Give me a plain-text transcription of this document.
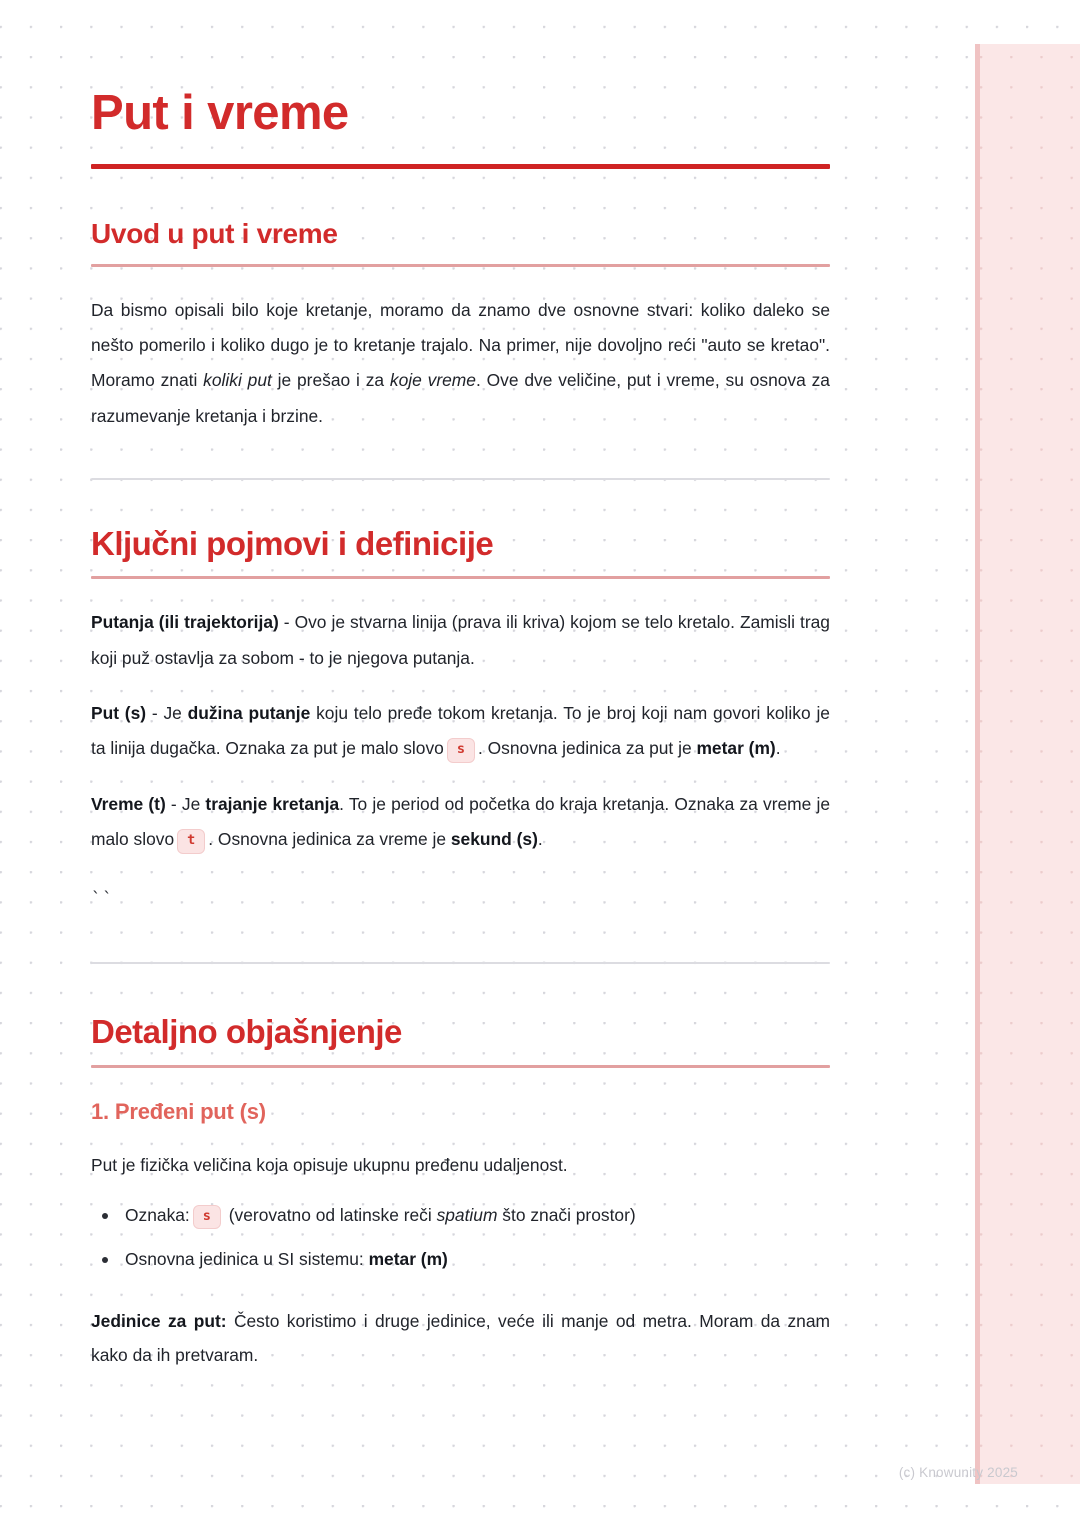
Put i vreme
Uvod u put i vreme

Da bismo opisali bilo koje kretanje, moramo da znamo dve osnovne stvari: koliko daleko se nešto pomerilo i koliko dugo je to kretanje trajalo. Na primer, nije dovoljno reći "auto se kretao". Moramo znati koliki put je prešao i za koje vreme. Ove dve veličine, put i vreme, su osnova za razumevanje kretanja i brzine.

Ključni pojmovi i definicije

Putanja (ili trajektorija) - Ovo je stvarna linija (prava ili kriva) kojom se telo kretalo. Zamisli trag koji puž ostavlja za sobom - to je njegova putanja.

Put (s) - Je dužina putanje koju telo pređe tokom kretanja. To je broj koji nam govori koliko je ta linija dugačka. Oznaka za put je malo slovo s . Osnovna jedinica za put je metar (m).

Vreme (t) - Je trajanje kretanja. To je period od početka do kraja kretanja. Oznaka za vreme je malo slovo t . Osnovna jedinica za vreme je sekund (s).

``
Detaljno objašnjenje
1. Pređeni put (s)

Put je fizička veličina koja opisuje ukupnu pređenu udaljenost.

Oznaka: s (verovatno od latinske reči spatium što znači prostor)
Osnovna jedinica u SI sistemu: metar (m)

Jedinice za put: Često koristimo i druge jedinice, veće ili manje od metra. Moram da znam kako da ih pretvaram.

(c) Knowunity 2025
